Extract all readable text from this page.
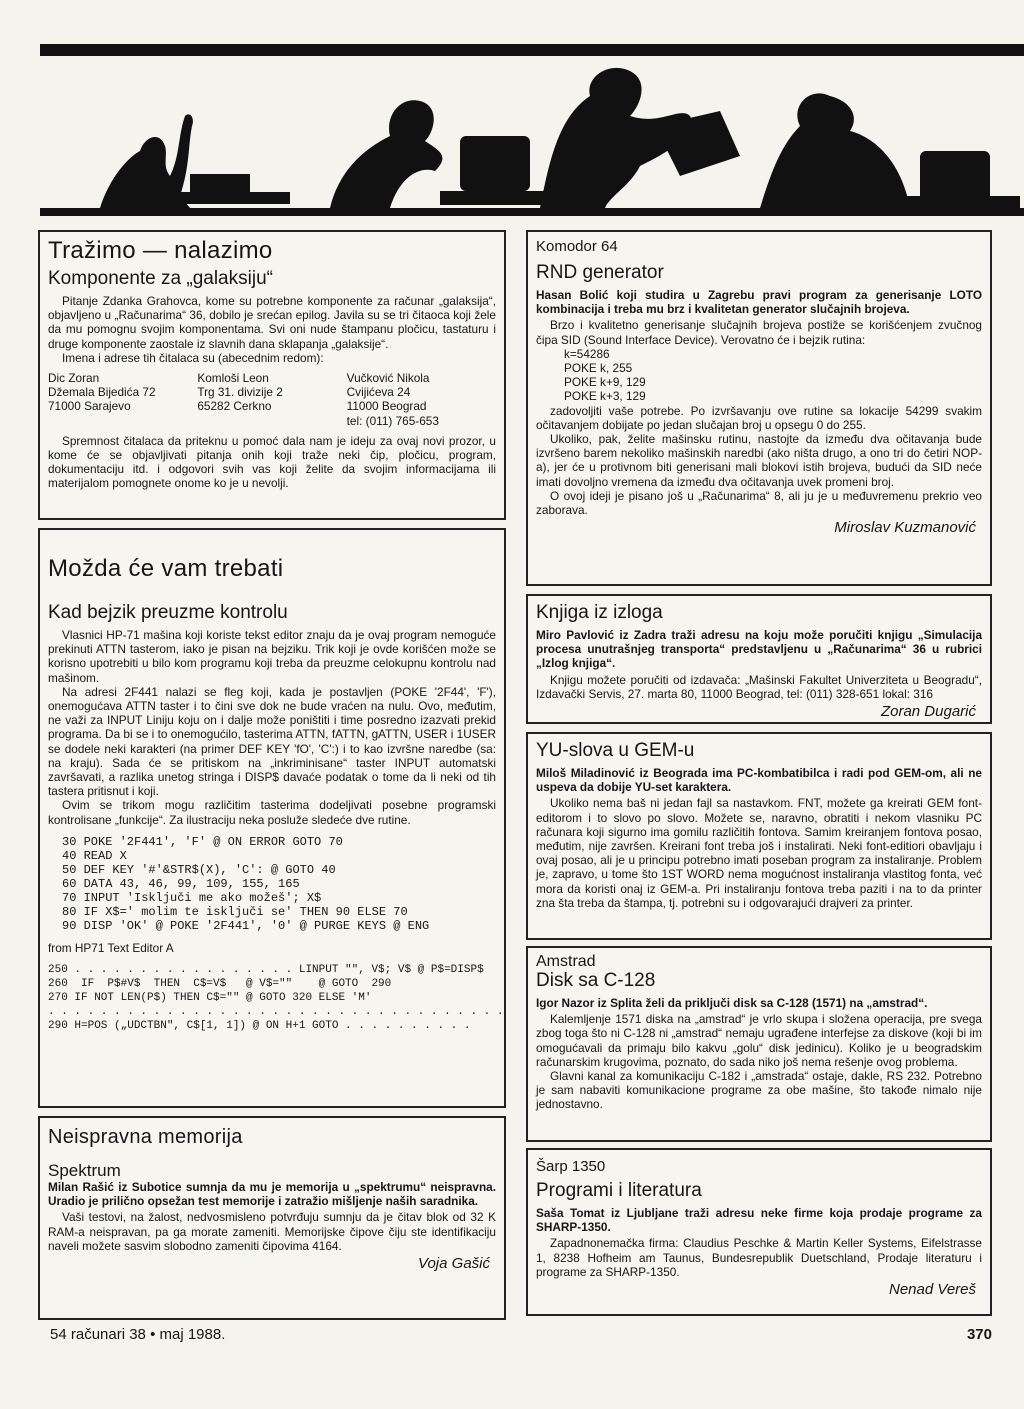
Tražimo — nalazimo
Komponente za „galaksiju“

Pitanje Zdanka Grahovca, kome su potrebne komponente za računar „galaksija“, objavljeno u „Računarima“ 36, dobilo je srećan epilog. Javila su se tri čitaoca koji žele da mu pomognu svojim komponentama. Svi oni nude štampanu pločicu, tastaturu i druge komponente zaostale iz slavnih dana sklapanja „galaksije“.

Imena i adrese tih čitalaca su (abecednim redom):

Dic Zoran
Džemala Bijedića 72
71000 Sarajevo
Komloši Leon
Trg 31. divizije 2
65282 Cerkno
Vučković Nikola
Cvijićeva 24
11000 Beograd
tel: (011) 765-653

Spremnost čitalaca da priteknu u pomoć dala nam je ideju za ovaj novi prozor, u kome će se objavljivati pitanja onih koji traže neki čip, pločicu, program, dokumentaciju itd. i odgovori svih vas koji želite da svojim informacijama ili materijalom pomognete onome ko je u nevolji.

Možda će vam trebati
Kad bejzik preuzme kontrolu

Vlasnici HP-71 mašina koji koriste tekst editor znaju da je ovaj program nemoguće prekinuti ATTN tasterom, iako je pisan na bejziku. Trik koji je ovde korišćen može se korisno upotrebiti u bilo kom programu koji treba da preuzme celokupnu kontrolu nad mašinom.

Na adresi 2F441 nalazi se fleg koji, kada je postavljen (POKE '2F44', 'F'), onemogućava ATTN taster i to čini sve dok ne bude vraćen na nulu. Ovo, međutim, ne važi za INPUT Liniju koju on i dalje može poništiti i time posredno izazvati prekid programa. Da bi se i to onemogućilo, tasterima ATTN, fATTN, gATTN, USER i 1USER se dodele neki karakteri (na primer DEF KEY 'fO', 'C':) i to kao izvršne naredbe (sa: na kraju). Sada će se pritiskom na „inkriminisane“ taster INPUT automatski završavati, a razlika unetog stringa i DISP$ davaće podatak o tome da li neki od tih tastera pritisnut i koji.

Ovim se trikom mogu različitim tasterima dodeljivati posebne programski kontrolisane „funkcije“. Za ilustraciju neka posluže sledeće dve rutine.

30 POKE '2F441', 'F' @ ON ERROR GOTO 70
40 READ X
50 DEF KEY '#'&STR$(X), 'C': @ GOTO 40
60 DATA 43, 46, 99, 109, 155, 165
70 INPUT 'Isključi me ako možeš'; X$
80 IF X$=' molim te isključi se' THEN 90 ELSE 70
90 DISP 'OK' @ POKE '2F441', '0' @ PURGE KEYS @ ENG

from HP71 Text Editor A

250 . . . . . . . . . . . . . . . . . LINPUT "", V$; V$ @ P$=DISP$
260  IF  P$#V$  THEN  C$=V$   @ V$=""    @ GOTO  290
270 IF NOT LEN(P$) THEN C$="" @ GOTO 320 ELSE 'M'
. . . . . . . . . . . . . . . . . . . . . . . . . . . . . . . . . . .
290 H=POS („UDCTBN", C$[1, 1]) @ ON H+1 GOTO . . . . . . . . . .
Neispravna memorija
Spektrum

Milan Rašić iz Subotice sumnja da mu je memorija u „spektrumu“ neispravna. Uradio je prilično opsežan test memorije i zatražio mišljenje naših saradnika.

Vaši testovi, na žalost, nedvosmisleno potvrđuju sumnju da je čitav blok od 32 K RAM-a neispravan, pa ga morate zameniti. Memorijske čipove čiju ste identifikaciju naveli možete sasvim slobodno zameniti čipovima 4164.

Voja Gašić
Komodor 64
RND generator

Hasan Bolić koji studira u Zagrebu pravi program za generisanje LOTO kombinacija i treba mu brz i kvalitetan generator slučajnih brojeva.

Brzo i kvalitetno generisanje slučajnih brojeva postiže se korišćenjem zvučnog čipa SID (Sound Interface Device). Verovatno će i bejzik rutina:

k=54286
POKE k, 255
POKE k+9, 129
POKE k+3, 129

zadovoljiti vaše potrebe. Po izvršavanju ove rutine sa lokacije 54299 svakim očitavanjem dobijate po jedan slučajan broj u opsegu 0 do 255.

Ukoliko, pak, želite mašinsku rutinu, nastojte da između dva očitavanja bude izvršeno barem nekoliko mašinskih naredbi (ako ništa drugo, a ono tri do četiri NOP-a), jer će u protivnom biti generisani mali blokovi istih brojeva, budući da SID neće imati dovoljno vremena da između dva očitavanja uvek promeni broj.

O ovoj ideji je pisano još u „Računarima“ 8, ali ju je u međuvremenu prekrio veo zaborava.

Miroslav Kuzmanović
Knjiga iz izloga

Miro Pavlović iz Zadra traži adresu na koju može poručiti knjigu „Simulacija procesa unutrašnjeg transporta“ predstavljenu u „Računarima“ 36 u rubrici „Izlog knjiga“.

Knjigu možete poručiti od izdavača: „Mašinski Fakultet Univerziteta u Beogradu“, Izdavački Servis, 27. marta 80, 11000 Beograd, tel: (011) 328-651 lokal: 316

Zoran Dugarić
YU-slova u GEM-u

Miloš Miladinović iz Beograda ima PC-kombatibilca i radi pod GEM-om, ali ne uspeva da dobije YU-set karaktera.

Ukoliko nema baš ni jedan fajl sa nastavkom. FNT, možete ga kreirati GEM font-editorom i to slovo po slovo. Možete se, naravno, obratiti i nekom vlasniku PC računara koji sigurno ima gomilu različitih fontova. Samim kreiranjem fontova posao, međutim, nije završen. Kreirani font treba još i instalirati. Neki font-editiori obavljaju i ovaj posao, ali je u principu potrebno imati poseban program za instaliranje. Problem je, zapravo, u tome što 1ST WORD nema mogućnost instaliranja vlastitog fonta, već mora da koristi onaj iz GEM-a. Pri instaliranju fontova treba paziti i na to da printer zna šta treba da štampa, tj. potrebni su i odgovarajući drajveri za printer.

Amstrad
Disk sa C-128

Igor Nazor iz Splita želi da priključi disk sa C-128 (1571) na „amstrad“.

Kalemljenje 1571 diska na „amstrad“ je vrlo skupa i složena operacija, pre svega zbog toga što ni C-128 ni „amstrad“ nemaju ugrađene interfejse za diskove (koji bi im omogućavali da primaju bilo kakvu „golu“ disk jedinicu). Koliko je u beogradskim računarskim krugovima, poznato, do sada niko još nema rešenje ovog problema.

Glavni kanal za komunikaciju C-182 i „amstrada“ ostaje, dakle, RS 232. Potrebno je sam nabaviti komunikacione programe za obe mašine, što takođe nimalo nije jednostavno.

Šarp 1350
Programi i literatura

Saša Tomat iz Ljubljane traži adresu neke firme koja prodaje programe za SHARP-1350.

Zapadnonemačka firma: Claudius Peschke & Martin Keller Systems, Eifelstrasse 1, 8238 Hofheim am Taunus, Bundesrepublik Duetschland, Prodaje literaturu i programe za SHARP-1350.

Nenad Vereš
54 računari 38 • maj 1988.	370
